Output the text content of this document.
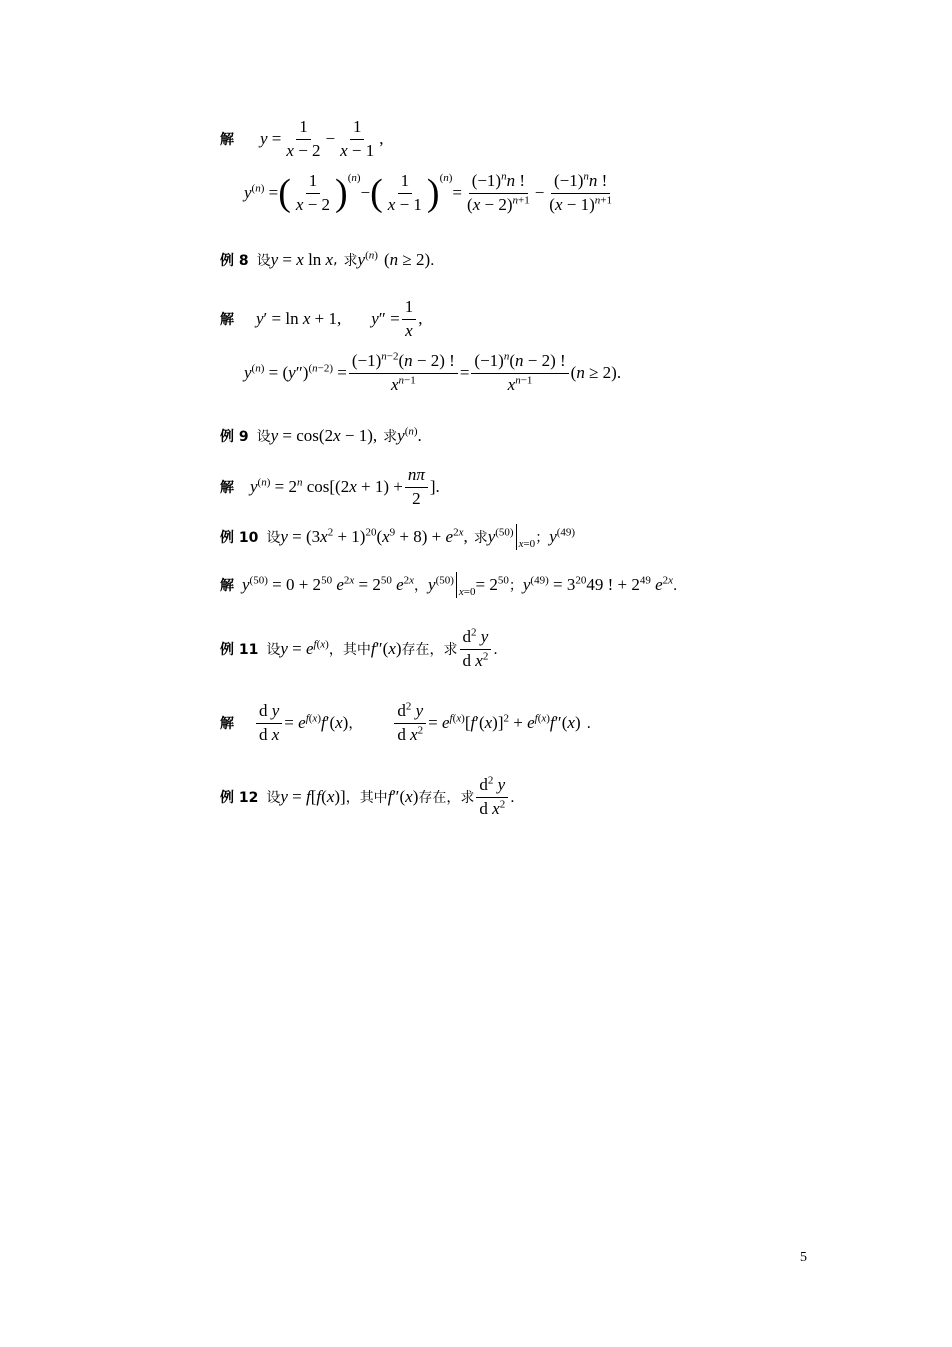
解 $y = \frac{1}{x - 2} - \frac{1}{x - 1}$ ,
$y^{(n)}$ = ( $\frac{1}{x - 2}$ ) (n)
− ( $\frac{1}{x - 1}$ ) (n)
= $\frac{(-1)^nn !}{(x - 2)^{n+1}} - \frac{(-1)^nn !}{(x - 1)^{n+1}}$
例 8 设 y = x ln x , 求 $y^{(n)}$ (n ≥ 2) ．
解 y′ = ln x + 1, $y'' = \frac{1}{x}$ ,
$y^{(n)} = (y'')^{(n-2)} = \frac{(-1)^{n-2}(n - 2) !}{x^{n-1}} = \frac{(-1)^n(n - 2) !}{x^{n-1}} (n \ge 2)$.
例 9 设 y = cos(2x − 1), 求 $y^{(n)}$.
解 $y^{(n)} = 2^n$ $\cos[(2x + 1) + \frac{n\pi}{2}$ ].
例 10 设 $y = (3x^2 + 1)^{20}(x^9 + 8) + e^{2x}$, 求 $y^{(50)}$
x=0 ； $y^{(49)}$
解 $y^{(50)} = 0 + 2^{50}$ $e^{2x} = 2^{50}$ $e^{2x}$ ， $y^{(50)}$
$x=0 = 2^{50}$ ； $y^{(49)} = 3^{20}49$ ! + $2^{49}$ $e^{2x}$ ．
例 11 设 $y = e^{f(x)}$ ， 其中 f″(x) 存在 ， 求 $\frac{d^2 y}{d x^2}$ ．
解 $\frac{\text{d y}}{\text{d x}} = e^{f(x)}f'(x)$ ， $\frac{d^2 y}{d x^2} = e^{f(x)}[f'(x)]^2 + e^{f(x)}f''(x)$ ．
例 12 设 y = f[f(x)] ， 其中 f″(x) 存在 ， 求 $\frac{d^2 y}{d x^2}$ ．
5
